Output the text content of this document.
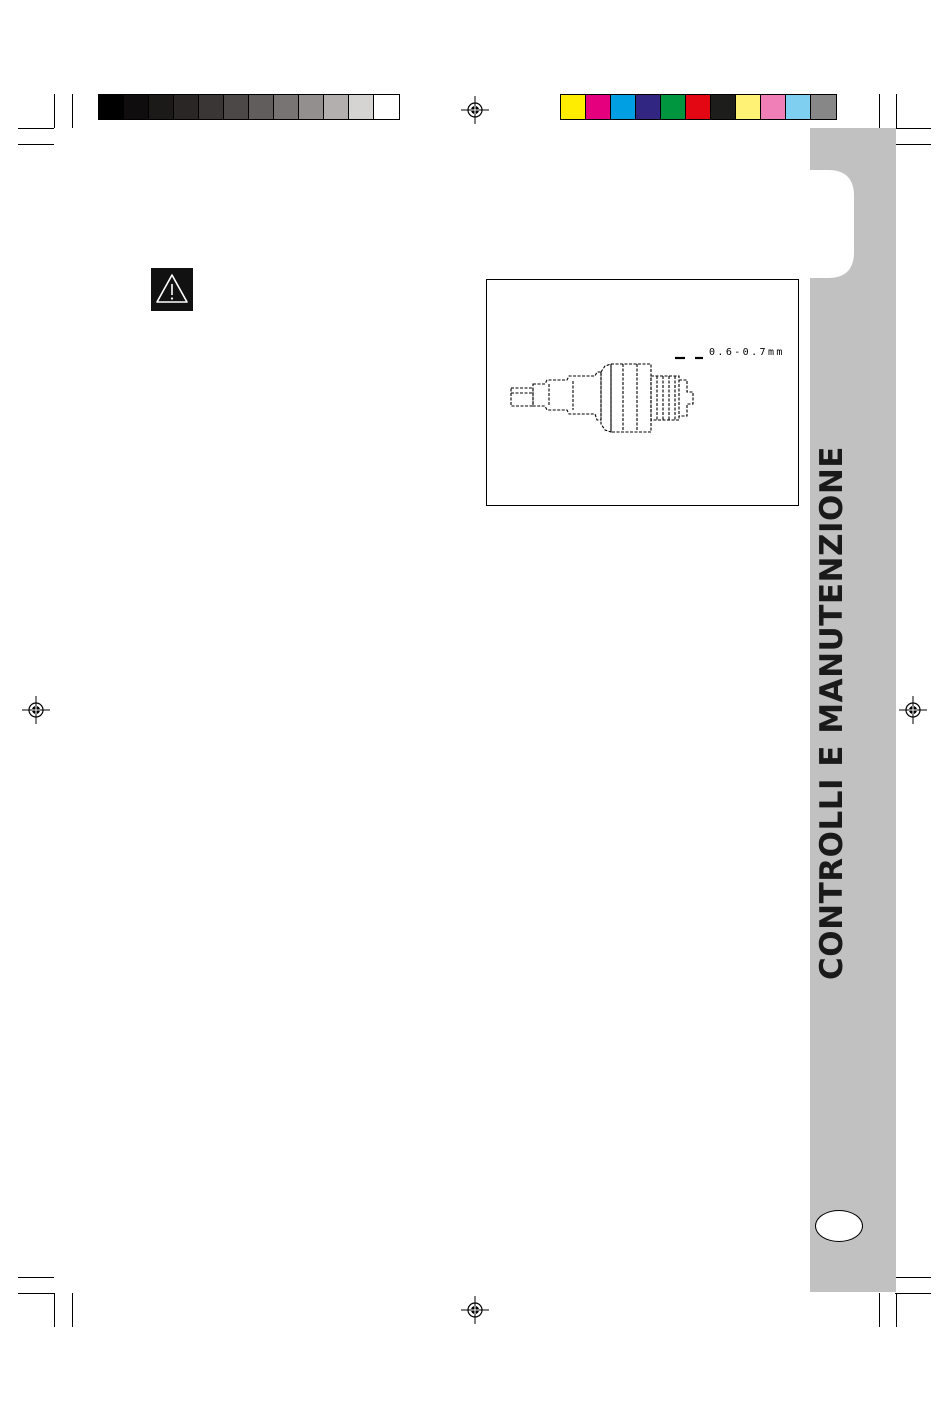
CONTROLLI E MANUTENZIONE
0.6-0.7mm
